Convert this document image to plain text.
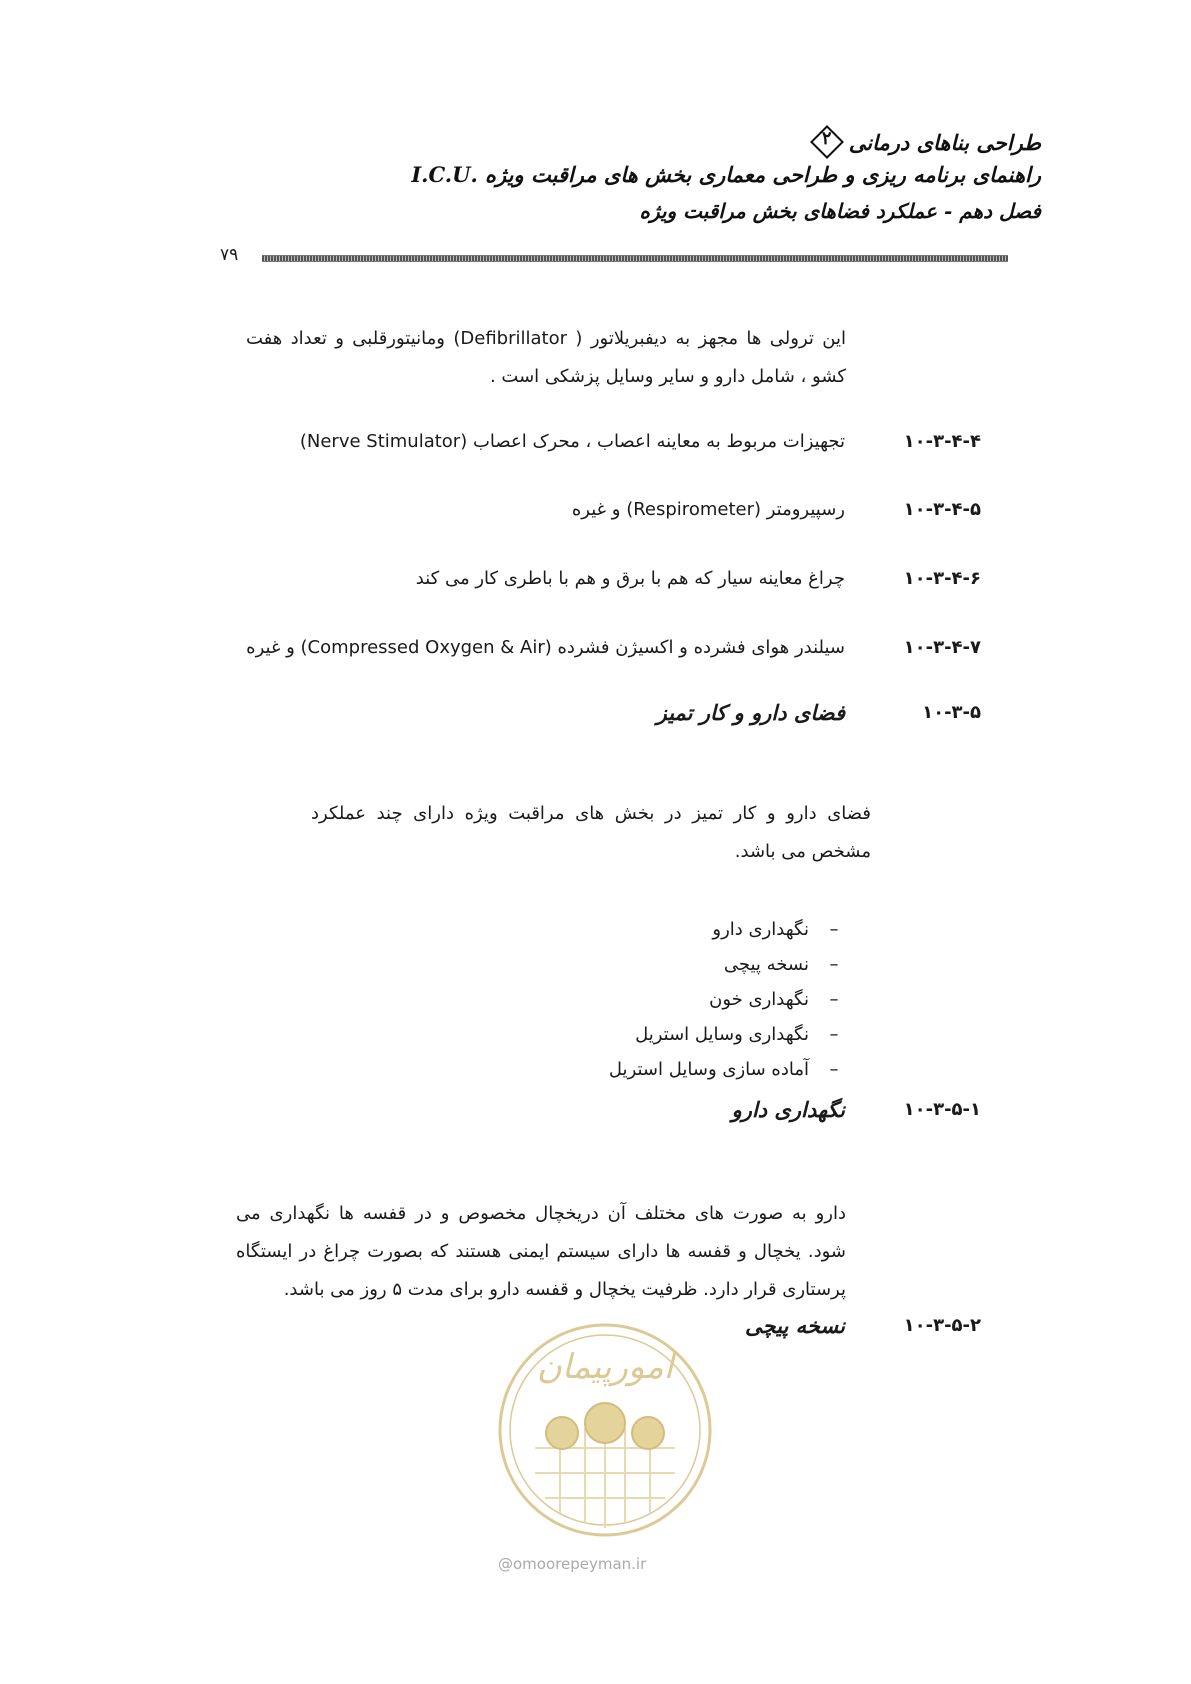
۲ طراحی بناهای درمانی
راهنمای برنامه ریزی و طراحی معماری بخش های مراقبت ویژه .I.C.U
فصل دهم - عملکرد فضاهای بخش مراقبت ویژه
۷۹
این ترولی ها مجهز به دیفبریلاتور ( Defibrillator) ومانیتورقلبی و تعداد هفت کشو ، شامل دارو و سایر وسایل پزشکی است .
۱۰-۳-۴-۴
تجهیزات مربوط به معاینه اعصاب ، محرک اعصاب (Nerve Stimulator)
۱۰-۳-۴-۵
رسپیرومتر (Respirometer) و غیره
۱۰-۳-۴-۶
چراغ معاینه سیار که هم با برق و هم با باطری کار می کند
۱۰-۳-۴-۷
سیلندر هوای فشرده و اکسیژن فشرده (Compressed Oxygen & Air) و غیره
۱۰-۳-۵
فضای دارو و کار تمیز
فضای دارو و کار تمیز در بخش های مراقبت ویژه دارای چند عملکرد مشخص می باشد.
–
نگهداری دارو
–
نسخه پیچی
–
نگهداری خون
–
نگهداری وسایل استریل
–
آماده سازی وسایل استریل
۱۰-۳-۵-۱
نگهداری دارو
دارو به صورت های مختلف آن دریخچال مخصوص و در قفسه ها نگهداری می شود. یخچال و قفسه ها دارای سیستم ایمنی هستند که بصورت چراغ در ایستگاه پرستاری قرار دارد. ظرفیت یخچال و قفسه دارو برای مدت ۵ روز می باشد.
۱۰-۳-۵-۲
نسخه پیچی
امورپیمان
@omoorepeyman.ir
